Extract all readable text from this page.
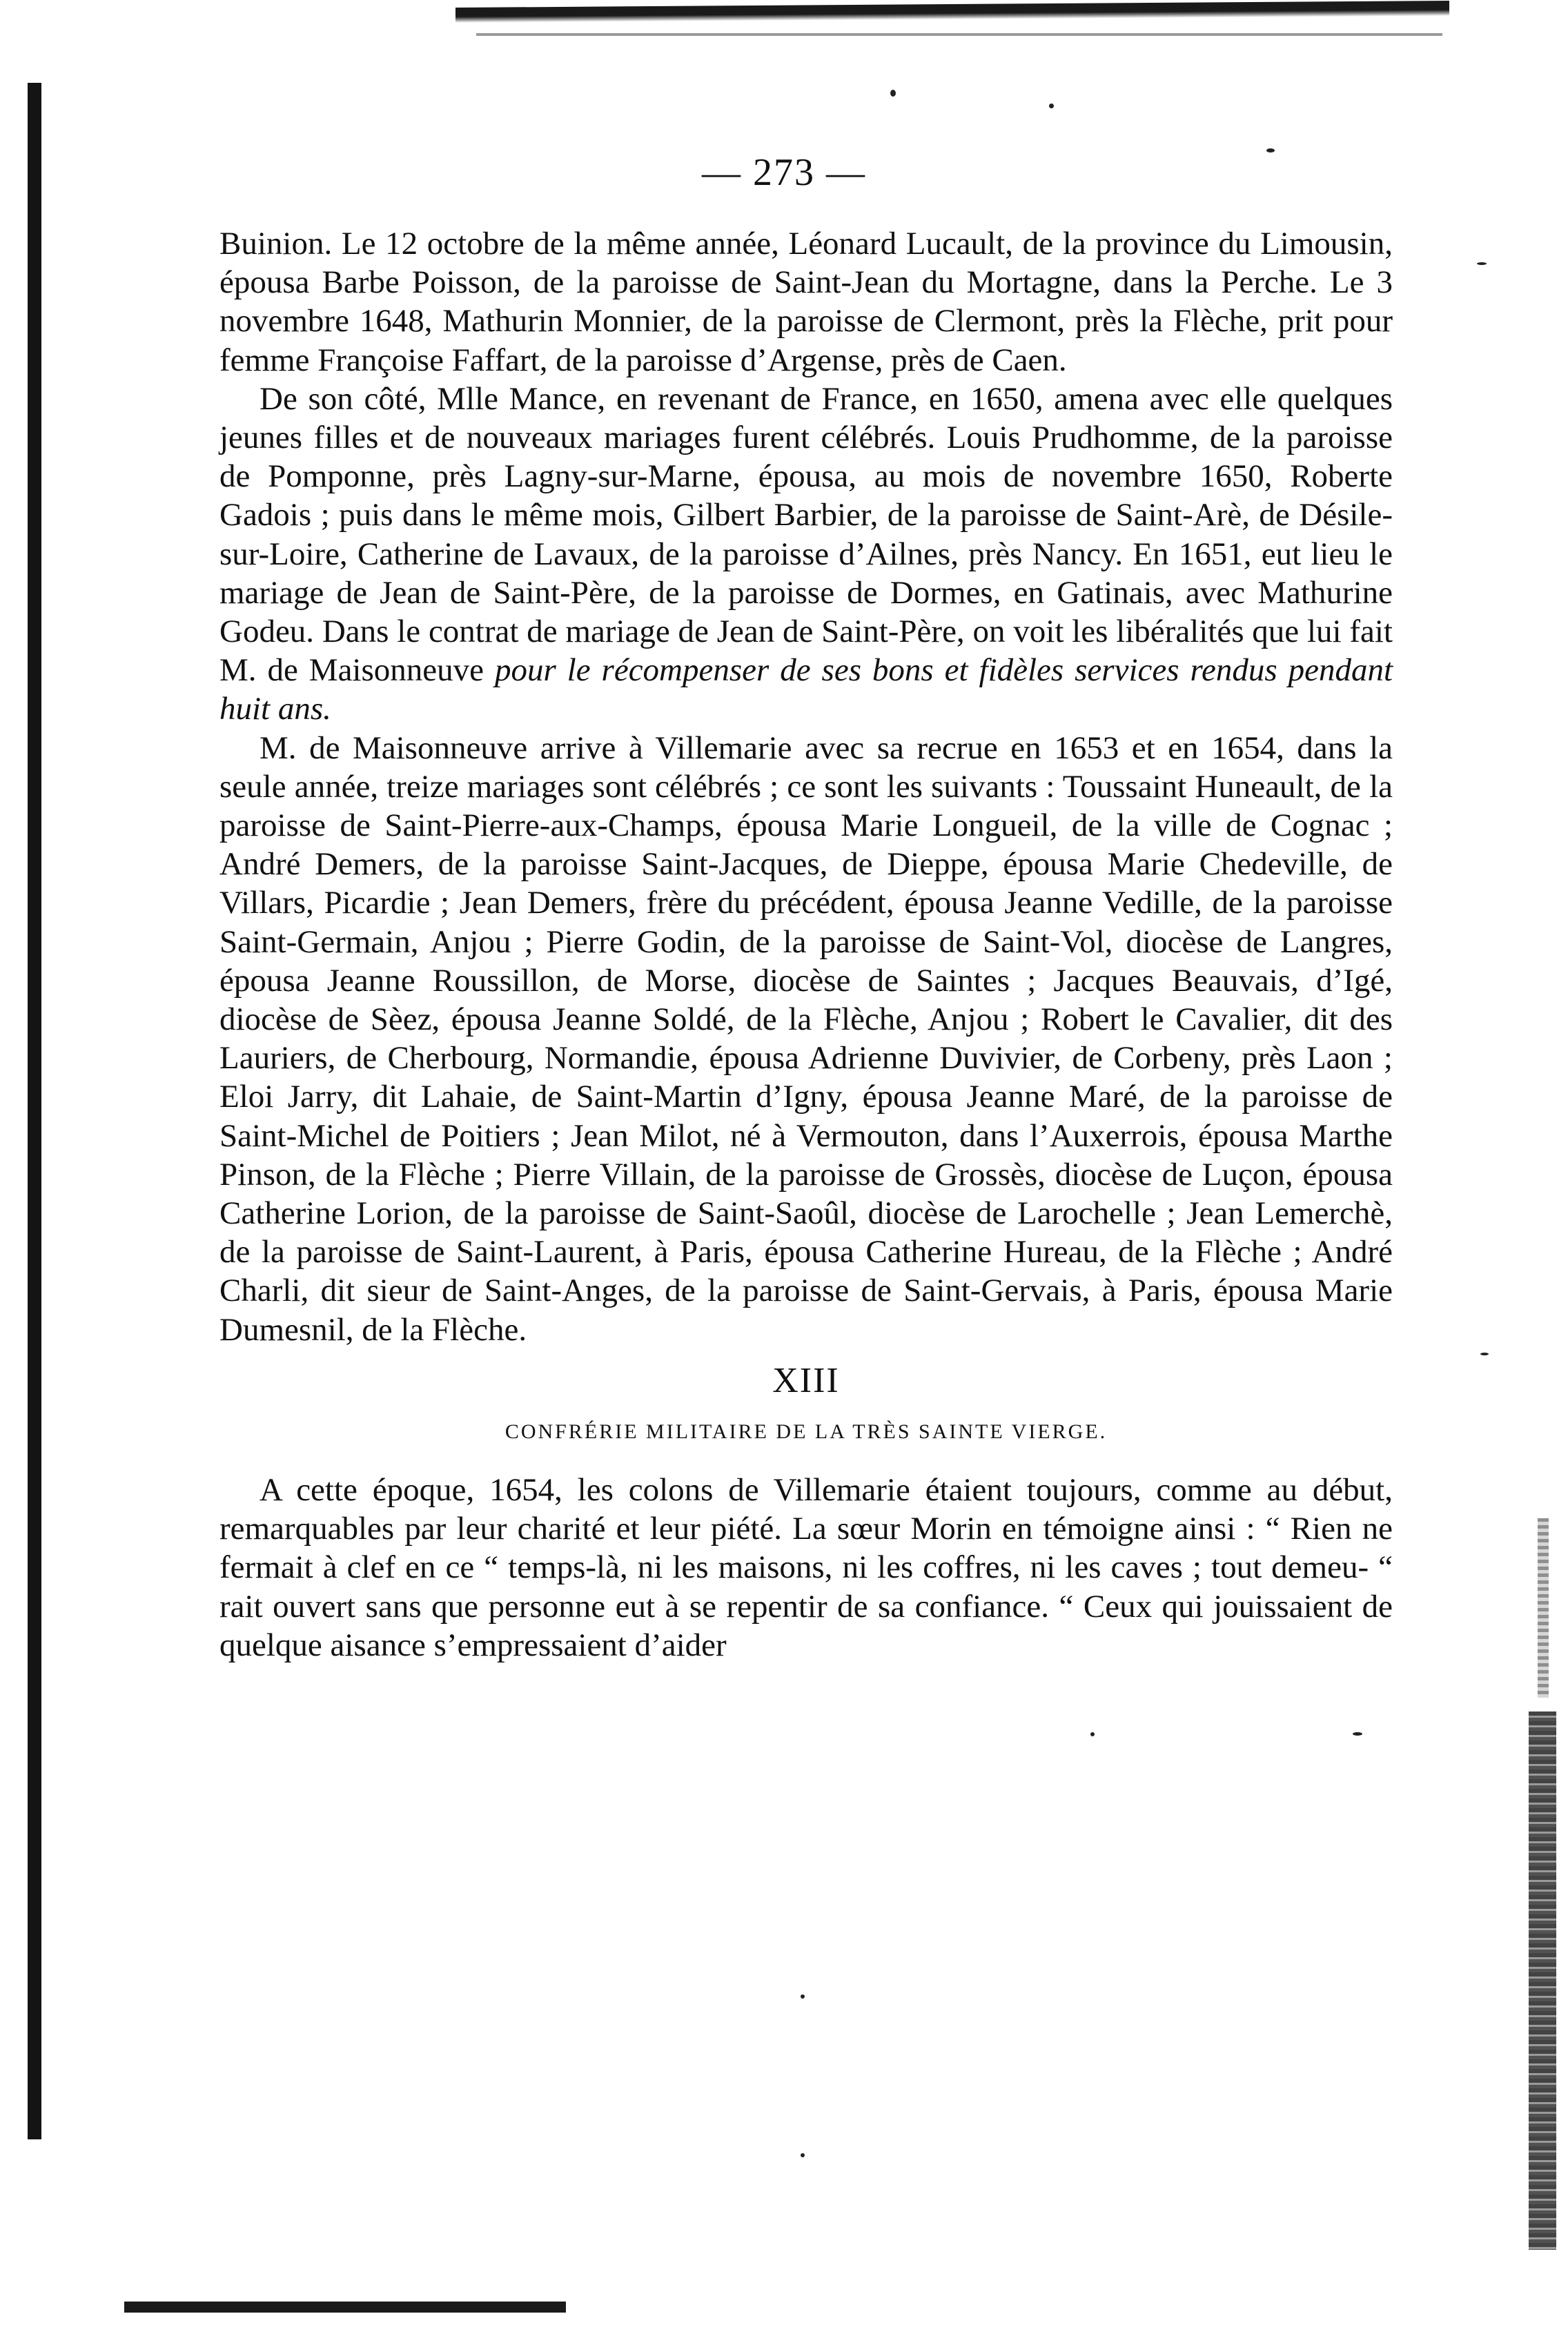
— 273 —

Buinion. Le 12 octobre de la même année, Léonard Lucault, de la province du Limousin, épousa Barbe Poisson, de la paroisse de Saint-Jean du Mortagne, dans la Perche. Le 3 novembre 1648, Mathurin Monnier, de la paroisse de Clermont, près la Flèche, prit pour femme Françoise Faffart, de la paroisse d’Argense, près de Caen.

De son côté, Mlle Mance, en revenant de France, en 1650, amena avec elle quelques jeunes filles et de nouveaux mariages furent célébrés. Louis Prudhomme, de la paroisse de Pomponne, près Lagny-sur-Marne, épousa, au mois de novembre 1650, Roberte Gadois ; puis dans le même mois, Gilbert Barbier, de la paroisse de Saint-Arè, de Désile-sur-Loire, Catherine de Lavaux, de la paroisse d’Ailnes, près Nancy. En 1651, eut lieu le mariage de Jean de Saint-Père, de la paroisse de Dormes, en Gatinais, avec Mathurine Godeu. Dans le contrat de mariage de Jean de Saint-Père, on voit les libéralités que lui fait M. de Maisonneuve pour le récompenser de ses bons et fidèles services rendus pendant huit ans.

M. de Maisonneuve arrive à Villemarie avec sa recrue en 1653 et en 1654, dans la seule année, treize mariages sont célébrés ; ce sont les suivants : Toussaint Huneault, de la paroisse de Saint-Pierre-aux-Champs, épousa Marie Longueil, de la ville de Cognac ; André Demers, de la paroisse Saint-Jacques, de Dieppe, épousa Marie Chedeville, de Villars, Picardie ; Jean Demers, frère du précédent, épousa Jeanne Vedille, de la paroisse Saint-Germain, Anjou ; Pierre Godin, de la paroisse de Saint-Vol, diocèse de Langres, épousa Jeanne Roussillon, de Morse, diocèse de Saintes ; Jacques Beauvais, d’Igé, diocèse de Sèez, épousa Jeanne Soldé, de la Flèche, Anjou ; Robert le Cavalier, dit des Lauriers, de Cherbourg, Normandie, épousa Adrienne Duvivier, de Corbeny, près Laon ; Eloi Jarry, dit Lahaie, de Saint-Martin d’Igny, épousa Jeanne Maré, de la paroisse de Saint-Michel de Poitiers ; Jean Milot, né à Vermouton, dans l’Auxerrois, épousa Marthe Pinson, de la Flèche ; Pierre Villain, de la paroisse de Grossès, diocèse de Luçon, épousa Catherine Lorion, de la paroisse de Saint-Saoûl, diocèse de Larochelle ; Jean Lemerchè, de la paroisse de Saint-Laurent, à Paris, épousa Catherine Hureau, de la Flèche ; André Charli, dit sieur de Saint-Anges, de la paroisse de Saint-Gervais, à Paris, épousa Marie Dumesnil, de la Flèche.

XIII
CONFRÉRIE MILITAIRE DE LA TRÈS SAINTE VIERGE.

A cette époque, 1654, les colons de Villemarie étaient toujours, comme au début, remarquables par leur charité et leur piété. La sœur Morin en témoigne ainsi : “ Rien ne fermait à clef en ce “ temps-là, ni les maisons, ni les coffres, ni les caves ; tout demeu- “ rait ouvert sans que personne eut à se repentir de sa confiance. “ Ceux qui jouissaient de quelque aisance s’empressaient d’aider
